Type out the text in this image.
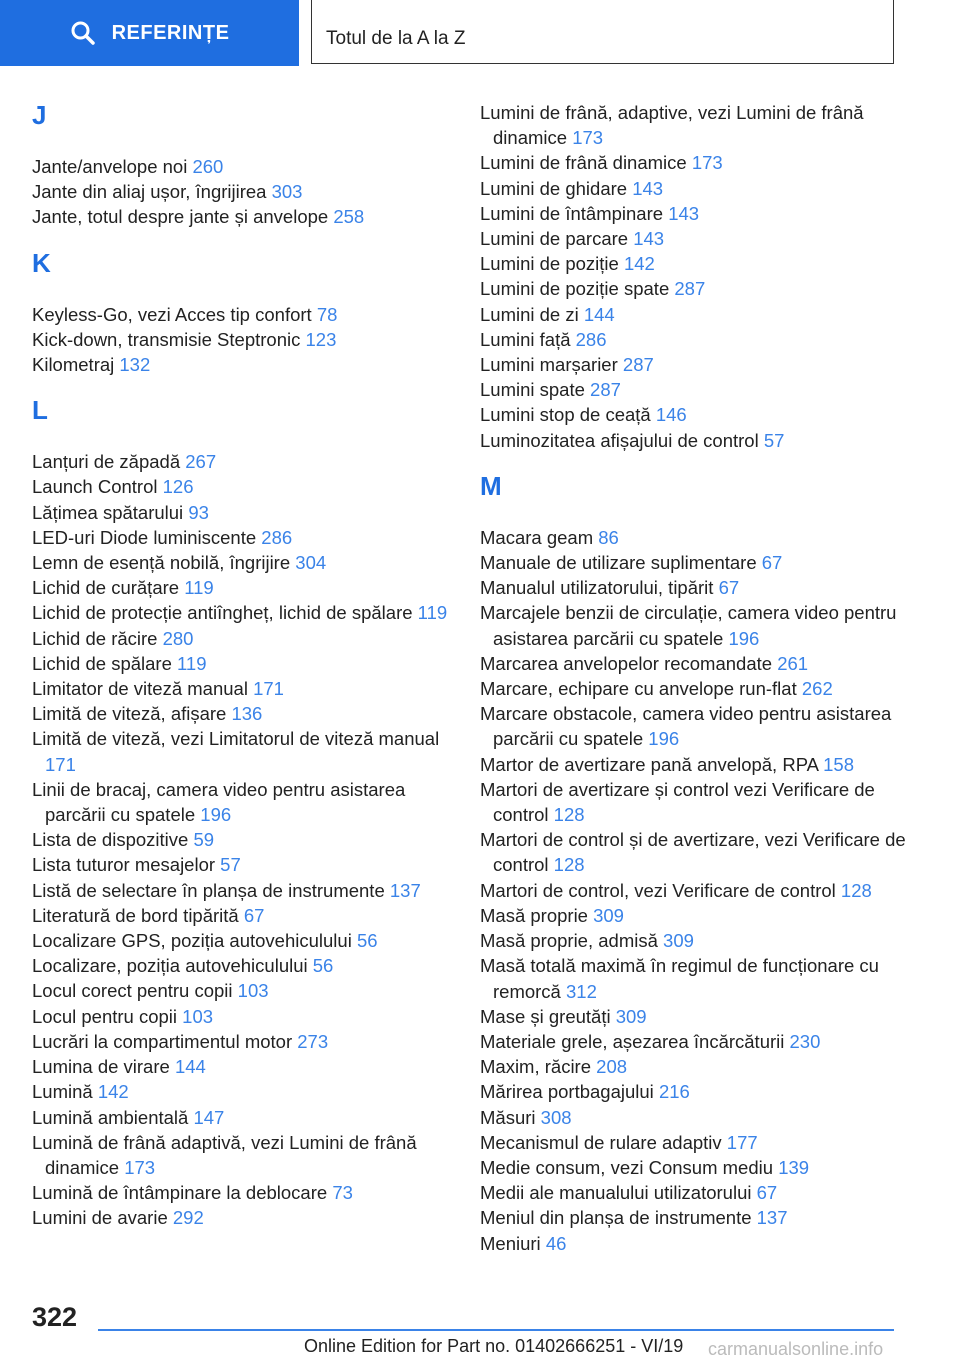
REFERINȚE	Totul de la A la Z
J
Jante/anvelope noi 260
Jante din aliaj ușor, îngrijirea 303
Jante, totul despre jante și anvelope 258
K
Keyless-Go, vezi Acces tip confort 78
Kick-down, transmisie Steptronic 123
Kilometraj 132
L
Lanțuri de zăpadă 267
Launch Control 126
Lățimea spătarului 93
LED-uri Diode luminiscente 286
Lemn de esență nobilă, îngrijire 304
Lichid de curățare 119
Lichid de protecție antiîngheț, lichid de spălare 119
Lichid de răcire 280
Lichid de spălare 119
Limitator de viteză manual 171
Limită de viteză, afișare 136
Limită de viteză, vezi Limitatorul de viteză manual 171
Linii de bracaj, camera video pentru asistarea parcării cu spatele 196
Lista de dispozitive 59
Lista tuturor mesajelor 57
Listă de selectare în planșa de instrumente 137
Literatură de bord tipărită 67
Localizare GPS, poziția autovehiculului 56
Localizare, poziția autovehiculului 56
Locul corect pentru copii 103
Locul pentru copii 103
Lucrări la compartimentul motor 273
Lumina de virare 144
Lumină 142
Lumină ambientală 147
Lumină de frână adaptivă, vezi Lumini de frână dinamice 173
Lumină de întâmpinare la deblocare 73
Lumini de avarie 292
Lumini de frână, adaptive, vezi Lumini de frână dinamice 173
Lumini de frână dinamice 173
Lumini de ghidare 143
Lumini de întâmpinare 143
Lumini de parcare 143
Lumini de poziție 142
Lumini de poziție spate 287
Lumini de zi 144
Lumini față 286
Lumini marșarier 287
Lumini spate 287
Lumini stop de ceață 146
Luminozitatea afișajului de control 57
M
Macara geam 86
Manuale de utilizare suplimentare 67
Manualul utilizatorului, tipărit 67
Marcajele benzii de circulație, camera video pentru asistarea parcării cu spatele 196
Marcarea anvelopelor recomandate 261
Marcare, echipare cu anvelope run-flat 262
Marcare obstacole, camera video pentru asistarea parcării cu spatele 196
Martor de avertizare pană anvelopă, RPA 158
Martori de avertizare și control vezi Verificare de control 128
Martori de control și de avertizare, vezi Verificare de control 128
Martori de control, vezi Verificare de control 128
Masă proprie 309
Masă proprie, admisă 309
Masă totală maximă în regimul de funcționare cu remorcă 312
Mase și greutăți 309
Materiale grele, așezarea încărcăturii 230
Maxim, răcire 208
Mărirea portbagajului 216
Măsuri 308
Mecanismul de rulare adaptiv 177
Medie consum, vezi Consum mediu 139
Medii ale manualului utilizatorului 67
Meniul din planșa de instrumente 137
Meniuri 46
322
Online Edition for Part no. 01402666251 - VI/19 carmanualsonline.info
